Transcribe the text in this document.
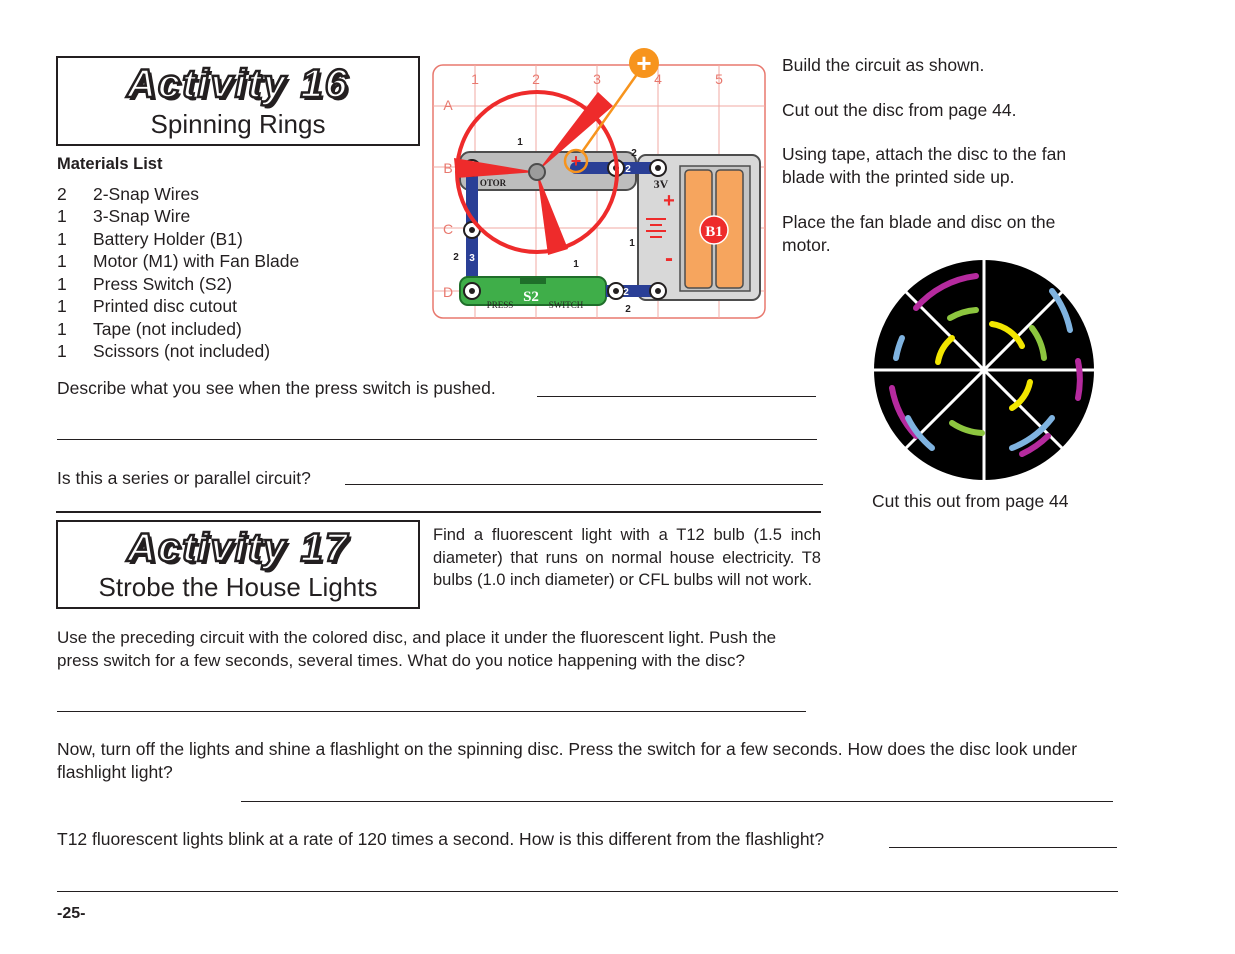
Activity 16
Spinning Rings
Materials List
2 2-Snap Wires
1 3-Snap Wire
1 Battery Holder (B1)
1 Motor (M1) with Fan Blade
1 Press Switch (S2)
1 Printed disc cutout
1 Tape (not included)
1 Scissors (not included)
1	2	3	4	5
A
B
C
D
3V
+
-
B1
OTOR
PRESS	SWITCH
S2
1
2
2
1
3
2
1
2
2
+
+	Build the circuit as shown.
Cut out the disc from page 44.
Using tape, attach the disc to the fan blade with the printed side up.
Place the fan blade and disc on the motor.
Cut this out from page 44
Describe what you see when the press switch is pushed.
Is this a series or parallel circuit?
Activity 17
Strobe the House Lights
Find a fluorescent light with a T12 bulb (1.5 inch diameter) that runs on normal house electricity. T8 bulbs (1.0 inch diameter) or CFL bulbs will not work.
Use the preceding circuit with the colored disc, and place it under the fluorescent light. Push the press switch for a few seconds, several times. What do you notice happening with the disc?
Now, turn off the lights and shine a flashlight on the spinning disc. Press the switch for a few seconds. How does the disc look under flashlight light?
T12 fluorescent lights blink at a rate of 120 times a second. How is this different from the flashlight?
-25-
